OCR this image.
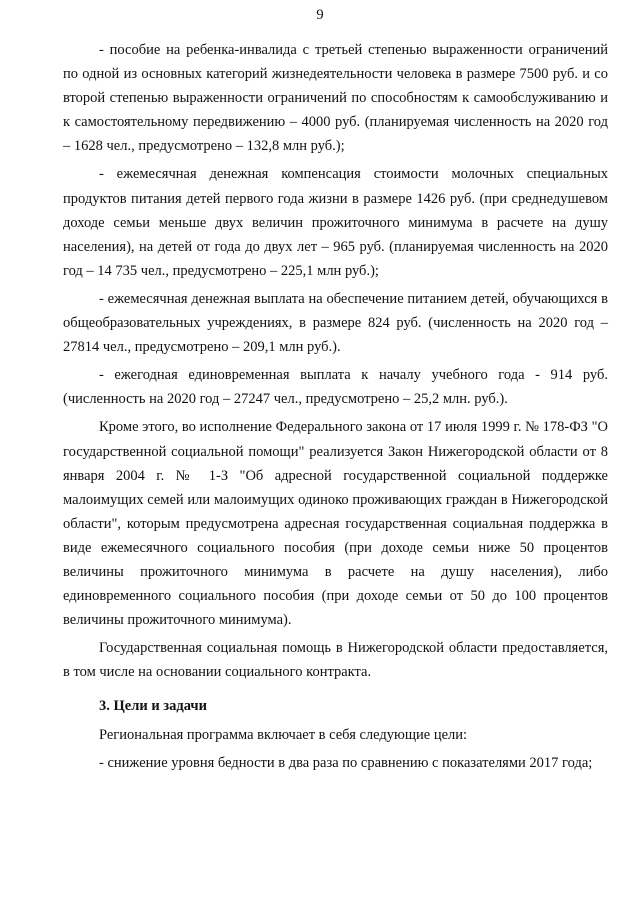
9

- пособие на ребенка-инвалида с третьей степенью выраженности ограничений по одной из основных категорий жизнедеятельности человека в размере 7500 руб. и со второй степенью выраженности ограничений по способностям к самообслуживанию и к самостоятельному передвижению – 4000 руб. (планируемая численность на 2020 год – 1628 чел., предусмотрено – 132,8 млн руб.);

- ежемесячная денежная компенсация стоимости молочных специальных продуктов питания детей первого года жизни в размере 1426 руб. (при среднедушевом доходе семьи меньше двух величин прожиточного минимума в расчете на душу населения), на детей от года до двух лет – 965 руб. (планируемая численность на 2020 год – 14 735 чел., предусмотрено – 225,1 млн руб.);

- ежемесячная денежная выплата на обеспечение питанием детей, обучающихся в общеобразовательных учреждениях, в размере 824 руб. (численность на 2020 год – 27814 чел., предусмотрено – 209,1 млн руб.).

- ежегодная единовременная выплата к началу учебного года - 914 руб. (численность на 2020 год – 27247 чел., предусмотрено – 25,2 млн. руб.).

Кроме этого, во исполнение Федерального закона от 17 июля 1999 г. № 178-ФЗ "О государственной социальной помощи" реализуется Закон Нижегородской области от 8 января 2004 г. № 1-З "Об адресной государственной социальной поддержке малоимущих семей или малоимущих одиноко проживающих граждан в Нижегородской области", которым предусмотрена адресная государственная социальная поддержка в виде ежемесячного социального пособия (при доходе семьи ниже 50 процентов величины прожиточного минимума в расчете на душу населения), либо единовременного социального пособия (при доходе семьи от 50 до 100 процентов величины прожиточного минимума).

Государственная социальная помощь в Нижегородской области предоставляется, в том числе на основании социального контракта.

3. Цели и задачи

Региональная программа включает в себя следующие цели:

- снижение уровня бедности в два раза по сравнению с показателями 2017 года;
